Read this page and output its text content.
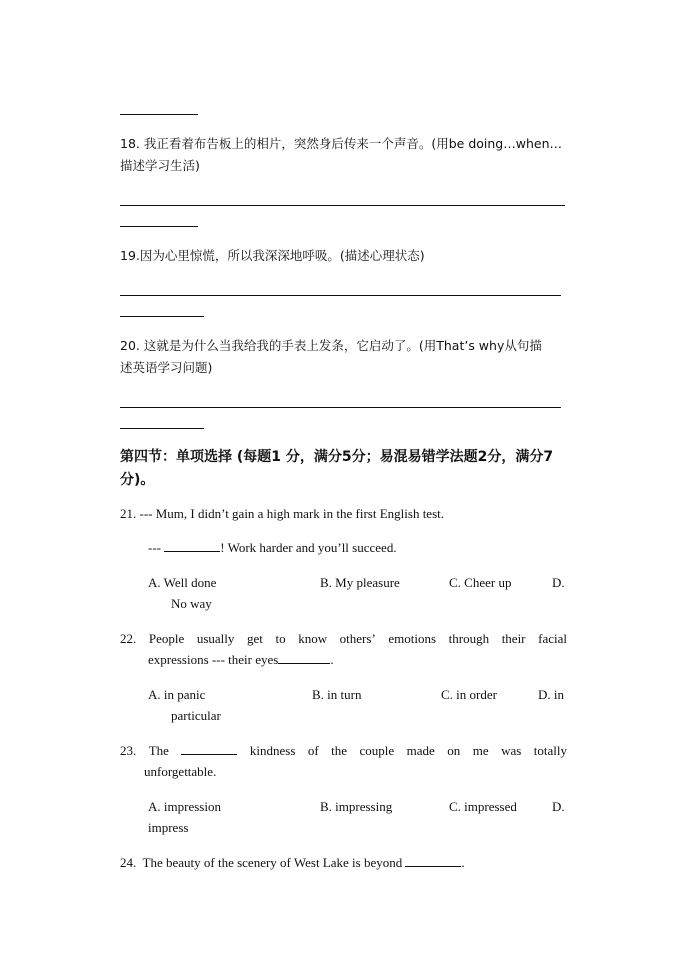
18. 我正看着布告板上的相片，突然身后传来一个声音。(用be doing…when…
描述学习生活)
19.因为心里惊慌，所以我深深地呼吸。(描述心理状态)
20. 这就是为什么当我给我的手表上发条，它启动了。(用That’s why从句描
述英语学习问题)
第四节：单项选择 (每题1 分，满分5分；易混易错学法题2分，满分7
分)。
21. --- Mum, I didn’t gain a high mark in the first English test.
---	! Work harder and you’ll succeed.
A. Well done	B. My pleasure	C. Cheer up	D.
No way
22. People usually get to know others’ emotions through their facial
expressions --- their eyes	.
A. in panic	B. in turn	C. in order	D. in
particular
23. The	kindness of the couple made on me was totally
unforgettable.
A. impression	B. impressing	C. impressed	D.
impress
24.  The beauty of the scenery of West Lake is beyond	.
